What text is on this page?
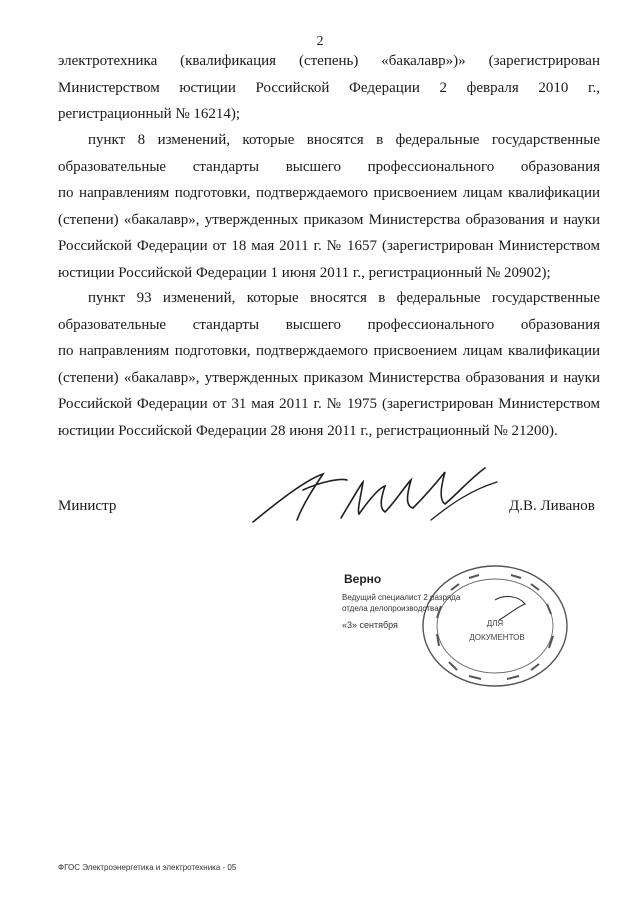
2
электротехника (квалификация (степень) «бакалавр»)» (зарегистрирован
Министерством юстиции Российской Федерации 2 февраля 2010 г.,
регистрационный № 16214);
пункт 8 изменений, которые вносятся в федеральные государственные
образовательные стандарты высшего профессионального образования
по направлениям подготовки, подтверждаемого присвоением лицам квалификации
(степени) «бакалавр», утвержденных приказом Министерства образования и науки
Российской Федерации от 18 мая 2011 г. № 1657 (зарегистрирован Министерством
юстиции Российской Федерации 1 июня 2011 г., регистрационный № 20902);
пункт 93 изменений, которые вносятся в федеральные государственные
образовательные стандарты высшего профессионального образования
по направлениям подготовки, подтверждаемого присвоением лицам квалификации
(степени) «бакалавр», утвержденных приказом Министерства образования и науки
Российской Федерации от 31 мая 2011 г. № 1975 (зарегистрирован Министерством
юстиции Российской Федерации 28 июня 2011 г., регистрационный № 21200).
Министр	Д.В. Ливанов
ДЛЯ
ДОКУМЕНТОВ
Верно
Ведущий специалист 2 разряда
отдела делопроизводства
«3» сентября
ФГОС Электроэнергетика и электротехника - 05
